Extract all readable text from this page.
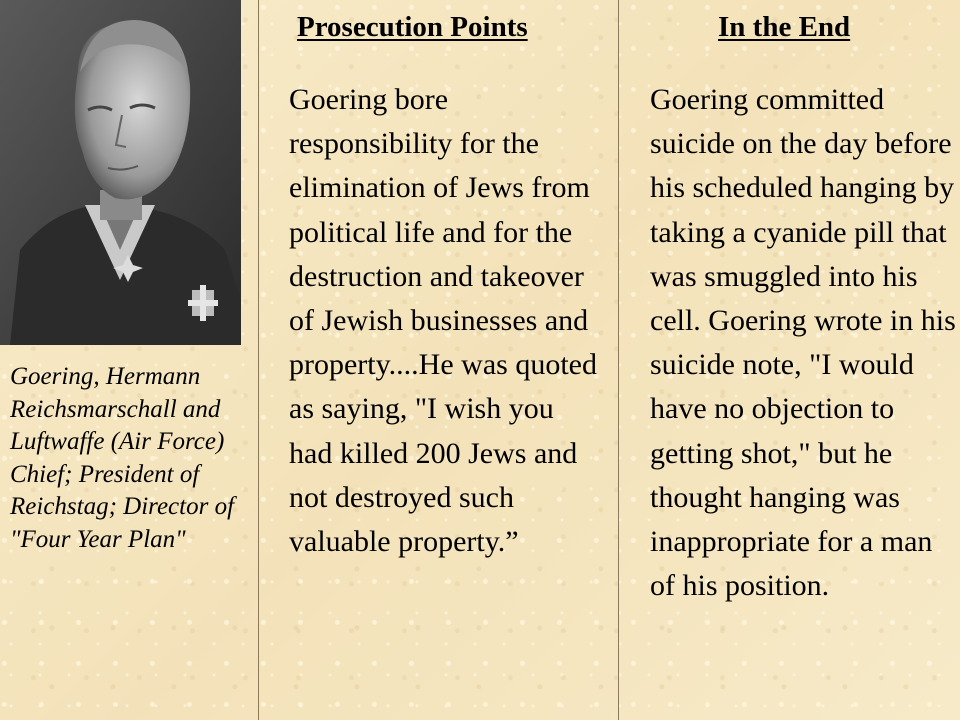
Goering, Hermann Reichsmarschall and Luftwaffe (Air Force) Chief; President of Reichstag; Director of "Four Year Plan"
Prosecution Points
Goering bore responsibility for the elimination of Jews from political life and for the destruction and takeover of Jewish businesses and property....He was quoted as saying, "I wish you had killed 200 Jews and not destroyed such valuable property.”
In the End
Goering committed suicide on the day before his scheduled hanging by taking a cyanide pill that was smuggled into his cell. Goering wrote in his suicide note, "I would have no objection to getting shot," but he thought hanging was inappropriate for a man of his position.
